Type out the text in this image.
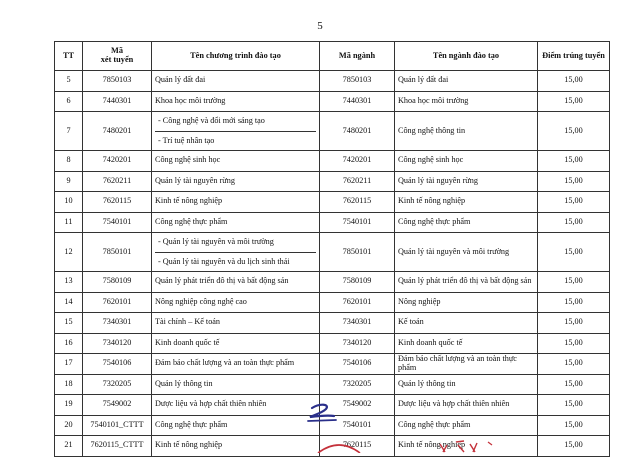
5
TT	Mã
xét tuyển	Tên chương trình đào tạo	Mã ngành	Tên ngành đào tạo	Điểm trúng tuyển
5	7850103	Quản lý đất đai	7850103	Quản lý đất đai	15,00
6	7440301	Khoa học môi trường	7440301	Khoa học môi trường	15,00
7	7480201	- Công nghệ và đổi mới sáng tạo
- Trí tuệ nhân tạo	7480201	Công nghệ thông tin	15,00
8	7420201	Công nghệ sinh học	7420201	Công nghệ sinh học	15,00
9	7620211	Quản lý tài nguyên rừng	7620211	Quản lý tài nguyên rừng	15,00
10	7620115	Kinh tế nông nghiệp	7620115	Kinh tế nông nghiệp	15,00
11	7540101	Công nghệ thực phẩm	7540101	Công nghệ thực phẩm	15,00
12	7850101	- Quản lý tài nguyên và môi trường
- Quản lý tài nguyên và du lịch sinh thái	7850101	Quản lý tài nguyên và môi trường	15,00
13	7580109	Quản lý phát triển đô thị và bất động sản	7580109	Quản lý phát triển đô thị và bất động sản	15,00
14	7620101	Nông nghiệp công nghệ cao	7620101	Nông nghiệp	15,00
15	7340301	Tài chính – Kế toán	7340301	Kế toán	15,00
16	7340120	Kinh doanh quốc tế	7340120	Kinh doanh quốc tế	15,00
17	7540106	Đảm bảo chất lượng và an toàn thực phẩm	7540106	Đảm bảo chất lượng và an toàn thực phẩm	15,00
18	7320205	Quản lý thông tin	7320205	Quản lý thông tin	15,00
19	7549002	Dược liệu và hợp chất thiên nhiên	7549002	Dược liệu và hợp chất thiên nhiên	15,00
20	7540101_CTTT	Công nghệ thực phẩm	7540101	Công nghệ thực phẩm	15,00
21	7620115_CTTT	Kinh tế nông nghiệp	7620115	Kinh tế nông nghiệp	15,00
